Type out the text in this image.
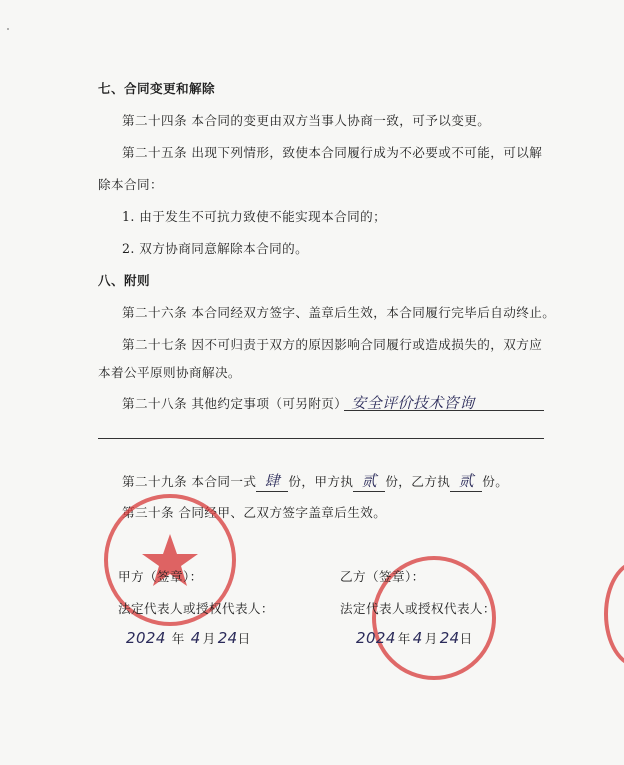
七、合同变更和解除
第二十四条 本合同的变更由双方当事人协商一致，可予以变更。
第二十五条 出现下列情形，致使本合同履行成为不必要或不可能，可以解
除本合同：
1. 由于发生不可抗力致使不能实现本合同的；
2. 双方协商同意解除本合同的。
八、附则
第二十六条 本合同经双方签字、盖章后生效，本合同履行完毕后自动终止。
第二十七条 因不可归责于双方的原因影响合同履行或造成损失的，双方应
本着公平原则协商解决。
第二十八条 其他约定事项（可另附页） 安全评价技术咨询
第二十九条 本合同一式 肆 份，甲方执 贰 份，乙方执 贰 份。
第三十条 合同经甲、乙双方签字盖章后生效。
甲方（签章）：	乙方（签章）：
法定代表人或授权代表人：	法定代表人或授权代表人：
2024 年 4 月 24日	2024 年 4 月 24日
